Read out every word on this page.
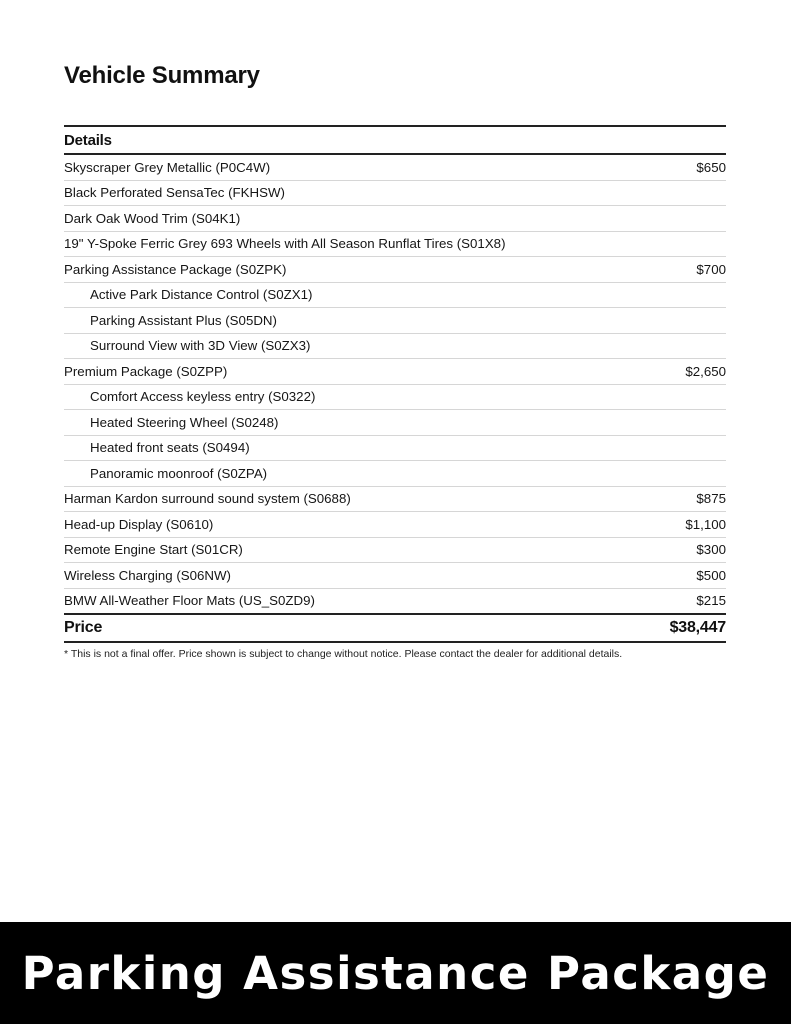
Vehicle Summary
Details
Skyscraper Grey Metallic (P0C4W)	$650
Black Perforated SensaTec (FKHSW)
Dark Oak Wood Trim (S04K1)
19" Y-Spoke Ferric Grey 693 Wheels with All Season Runflat Tires (S01X8)
Parking Assistance Package (S0ZPK)	$700
Active Park Distance Control (S0ZX1)
Parking Assistant Plus (S05DN)
Surround View with 3D View (S0ZX3)
Premium Package (S0ZPP)	$2,650
Comfort Access keyless entry (S0322)
Heated Steering Wheel (S0248)
Heated front seats (S0494)
Panoramic moonroof (S0ZPA)
Harman Kardon surround sound system (S0688)	$875
Head-up Display (S0610)	$1,100
Remote Engine Start (S01CR)	$300
Wireless Charging (S06NW)	$500
BMW All-Weather Floor Mats (US_S0ZD9)	$215
Price	$38,447
* This is not a final offer. Price shown is subject to change without notice. Please contact the dealer for additional details.
Parking Assistance Package
